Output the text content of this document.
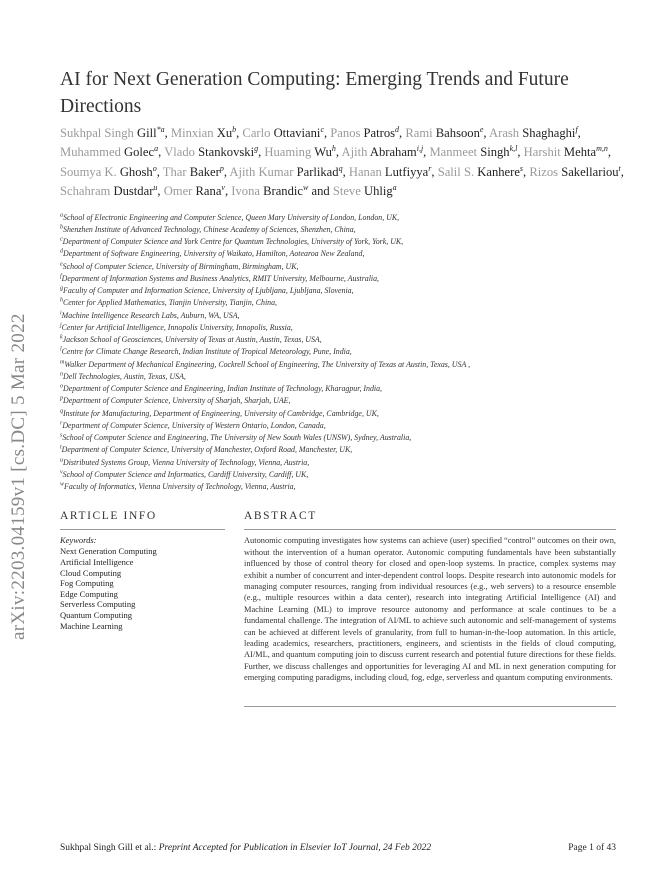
arXiv:2203.04159v1 [cs.DC] 5 Mar 2022
AI for Next Generation Computing: Emerging Trends and Future Directions
Sukhpal Singh Gill$^{*a}$, Minxian Xu$^b$, Carlo Ottaviani$^c$, Panos Patros$^d$, Rami Bahsoon$^e$, Arash Shaghaghi$^f$, Muhammed Golec$^a$, Vlado Stankovski$^g$, Huaming Wu$^h$, Ajith Abraham$^{i,j}$, Manmeet Singh$^{k,l}$, Harshit Mehta$^{m,n}$, Soumya K. Ghosh$^o$, Thar Baker$^p$, Ajith Kumar Parlikad$^q$, Hanan Lutfiyya$^r$, Salil S. Kanhere$^s$, Rizos Sakellariou$^t$, Schahram Dustdar$^u$, Omer Rana$^v$, Ivona Brandic$^w$ and Steve Uhlig$^a$
$^a$School of Electronic Engineering and Computer Science, Queen Mary University of London, London, UK,
$^b$Shenzhen Institute of Advanced Technology, Chinese Academy of Sciences, Shenzhen, China,
$^c$Department of Computer Science and York Centre for Quantum Technologies, University of York, York, UK,
$^d$Department of Software Engineering, University of Waikato, Hamilton, Aotearoa New Zealand,
$^e$School of Computer Science, University of Birmingham, Birmingham, UK,
$^f$Department of Information Systems and Business Analytics, RMIT University, Melbourne, Australia,
$^g$Faculty of Computer and Information Science, University of Ljubljana, Ljubljana, Slovenia,
$^h$Center for Applied Mathematics, Tianjin University, Tianjin, China,
$^i$Machine Intelligence Research Labs, Auburn, WA, USA,
$^j$Center for Artificial Intelligence, Innopolis University, Innopolis, Russia,
$^k$Jackson School of Geosciences, University of Texas at Austin, Austin, Texas, USA,
$^l$Centre for Climate Change Research, Indian Institute of Tropical Meteorology, Pune, India,
$^m$Walker Department of Mechanical Engineering, Cockrell School of Engineering, The University of Texas at Austin, Texas, USA ,
$^n$Dell Technologies, Austin, Texas, USA,
$^o$Department of Computer Science and Engineering, Indian Institute of Technology, Kharagpur, India,
$^p$Department of Computer Science, University of Sharjah, Sharjah, UAE,
$^q$Institute for Manufacturing, Department of Engineering, University of Cambridge, Cambridge, UK,
$^r$Department of Computer Science, University of Western Ontario, London, Canada,
$^s$School of Computer Science and Engineering, The University of New South Wales (UNSW), Sydney, Australia,
$^t$Department of Computer Science, University of Manchester, Oxford Road, Manchester, UK,
$^u$Distributed Systems Group, Vienna University of Technology, Vienna, Austria,
$^v$School of Computer Science and Informatics, Cardiff University, Cardiff, UK,
$^w$Faculty of Informatics, Vienna University of Technology, Vienna, Austria,
ARTICLE INFO
Keywords:
Next Generation Computing
Artificial Intelligence
Cloud Computing
Fog Computing
Edge Computing
Serverless Computing
Quantum Computing
Machine Learning
ABSTRACT
Autonomic computing investigates how systems can achieve (user) specified “control” outcomes on their own, without the intervention of a human operator. Autonomic computing fundamentals have been substantially influenced by those of control theory for closed and open-loop systems. In practice, complex systems may exhibit a number of concurrent and inter-dependent control loops. Despite research into autonomic models for managing computer resources, ranging from individual resources (e.g., web servers) to a resource ensemble (e.g., multiple resources within a data center), research into integrating Artificial Intelligence (AI) and Machine Learning (ML) to improve resource autonomy and performance at scale continues to be a fundamental challenge. The integration of AI/ML to achieve such autonomic and self-management of systems can be achieved at different levels of granularity, from full to human-in-the-loop automation. In this article, leading academics, researchers, practitioners, engineers, and scientists in the fields of cloud computing, AI/ML, and quantum computing join to discuss current research and potential future directions for these fields. Further, we discuss challenges and opportunities for leveraging AI and ML in next generation computing for emerging computing paradigms, including cloud, fog, edge, serverless and quantum computing environments.
Sukhpal Singh Gill et al.: Preprint Accepted for Publication in Elsevier IoT Journal, 24 Feb 2022	Page 1 of 43
